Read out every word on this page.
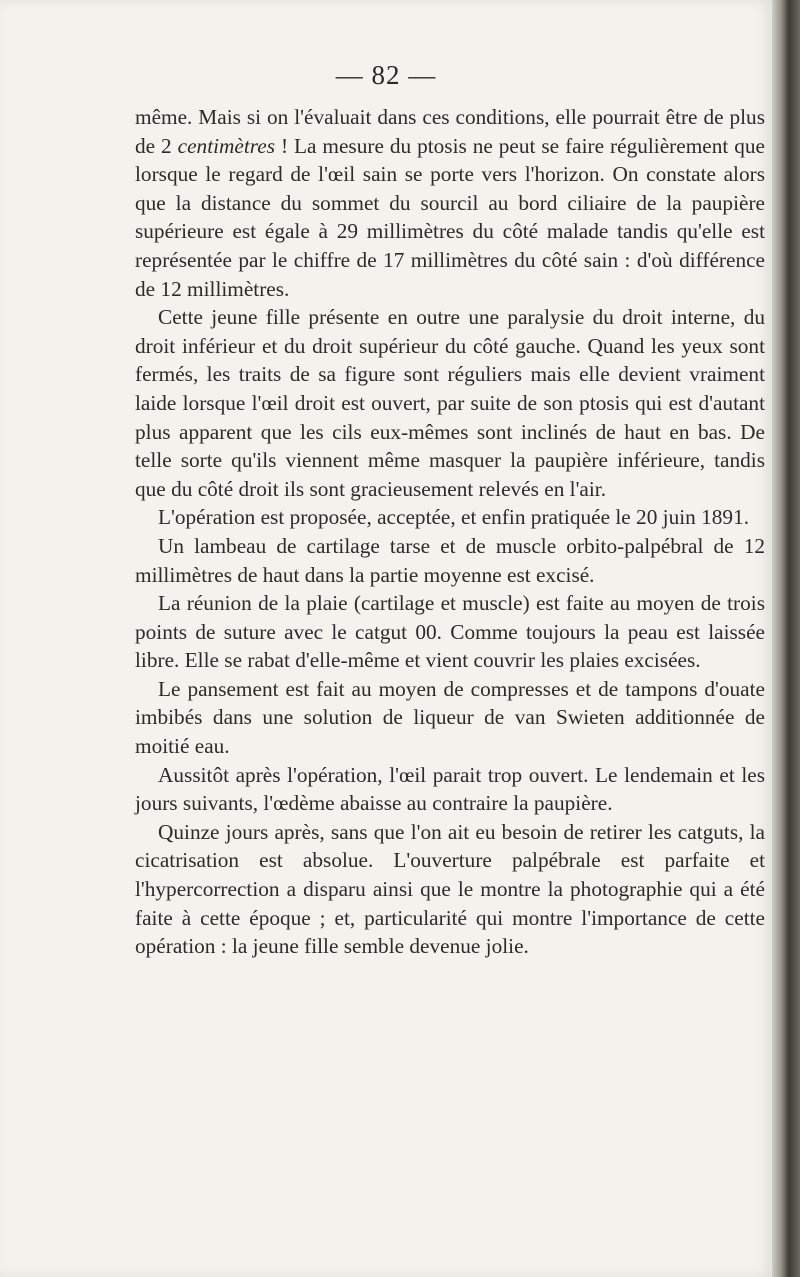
— 82 —

même. Mais si on l'évaluait dans ces conditions, elle pourrait être de plus de 2 centimètres ! La mesure du ptosis ne peut se faire régulièrement que lorsque le regard de l'œil sain se porte vers l'horizon. On constate alors que la distance du sommet du sourcil au bord ciliaire de la paupière supérieure est égale à 29 millimètres du côté malade tandis qu'elle est représentée par le chiffre de 17 millimètres du côté sain : d'où différence de 12 millimètres.

Cette jeune fille présente en outre une paralysie du droit interne, du droit inférieur et du droit supérieur du côté gauche. Quand les yeux sont fermés, les traits de sa figure sont réguliers mais elle devient vraiment laide lorsque l'œil droit est ouvert, par suite de son ptosis qui est d'autant plus apparent que les cils eux-mêmes sont inclinés de haut en bas. De telle sorte qu'ils viennent même masquer la paupière inférieure, tandis que du côté droit ils sont gracieusement relevés en l'air.

L'opération est proposée, acceptée, et enfin pratiquée le 20 juin 1891.

Un lambeau de cartilage tarse et de muscle orbito-palpébral de 12 millimètres de haut dans la partie moyenne est excisé.

La réunion de la plaie (cartilage et muscle) est faite au moyen de trois points de suture avec le catgut 00. Comme toujours la peau est laissée libre. Elle se rabat d'elle-même et vient couvrir les plaies excisées.

Le pansement est fait au moyen de compresses et de tampons d'ouate imbibés dans une solution de liqueur de van Swieten additionnée de moitié eau.

Aussitôt après l'opération, l'œil parait trop ouvert. Le lendemain et les jours suivants, l'œdème abaisse au contraire la paupière.

Quinze jours après, sans que l'on ait eu besoin de retirer les catguts, la cicatrisation est absolue. L'ouverture palpébrale est parfaite et l'hypercorrection a disparu ainsi que le montre la photographie qui a été faite à cette époque ; et, particularité qui montre l'importance de cette opération : la jeune fille semble devenue jolie.
